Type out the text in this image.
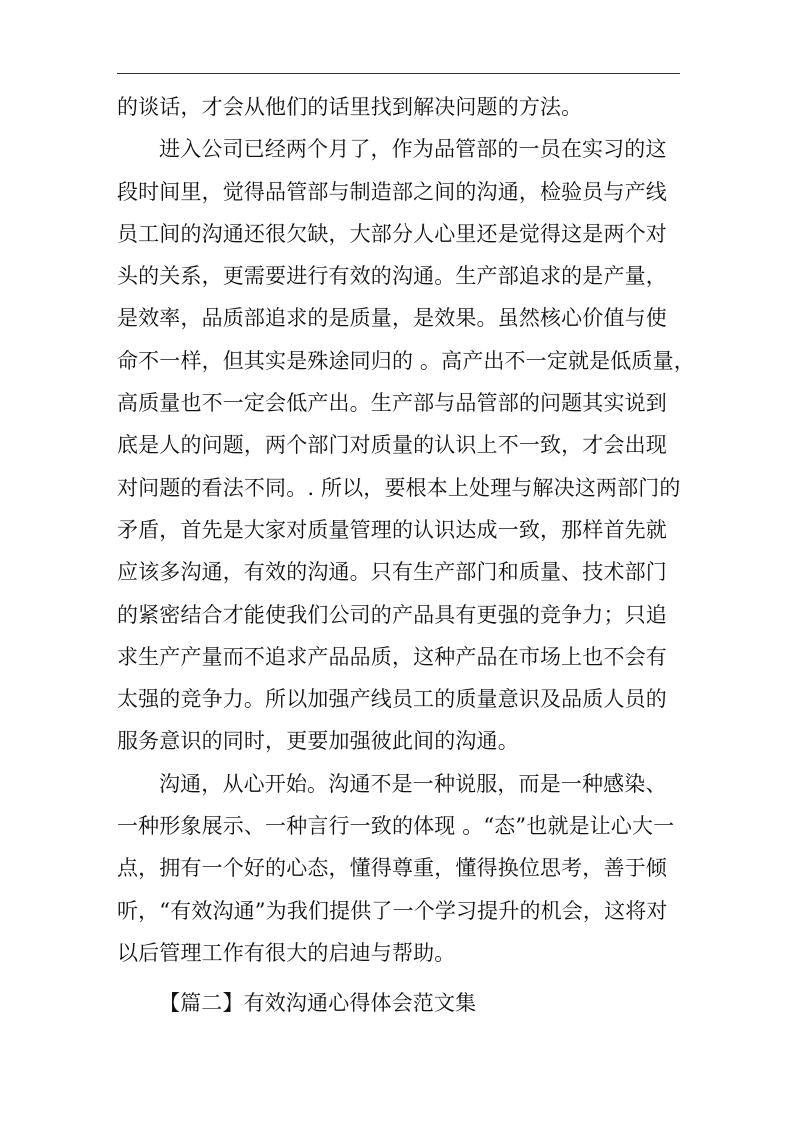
的谈话，才会从他们的话里找到解决问题的方法。
进入公司已经两个月了，作为品管部的一员在实习的这
段时间里，觉得品管部与制造部之间的沟通，检验员与产线
员工间的沟通还很欠缺，大部分人心里还是觉得这是两个对
头的关系，更需要进行有效的沟通。生产部追求的是产量，
是效率，品质部追求的是质量，是效果。虽然核心价值与使
命不一样，但其实是殊途同归的 。高产出不一定就是低质量，
高质量也不一定会低产出。生产部与品管部的问题其实说到
底是人的问题，两个部门对质量的认识上不一致，才会出现
对问题的看法不同。. 所以，要根本上处理与解决这两部门的
矛盾，首先是大家对质量管理的认识达成一致，那样首先就
应该多沟通，有效的沟通。只有生产部门和质量、技术部门
的紧密结合才能使我们公司的产品具有更强的竞争力；只追
求生产产量而不追求产品品质，这种产品在市场上也不会有
太强的竞争力。所以加强产线员工的质量意识及品质人员的
服务意识的同时，更要加强彼此间的沟通。
沟通，从心开始。沟通不是一种说服，而是一种感染、
一种形象展示、一种言行一致的体现 。“态”也就是让心大一
点，拥有一个好的心态，懂得尊重，懂得换位思考，善于倾
听，“有效沟通”为我们提供了一个学习提升的机会，这将对
以后管理工作有很大的启迪与帮助。
【篇二】有效沟通心得体会范文集
